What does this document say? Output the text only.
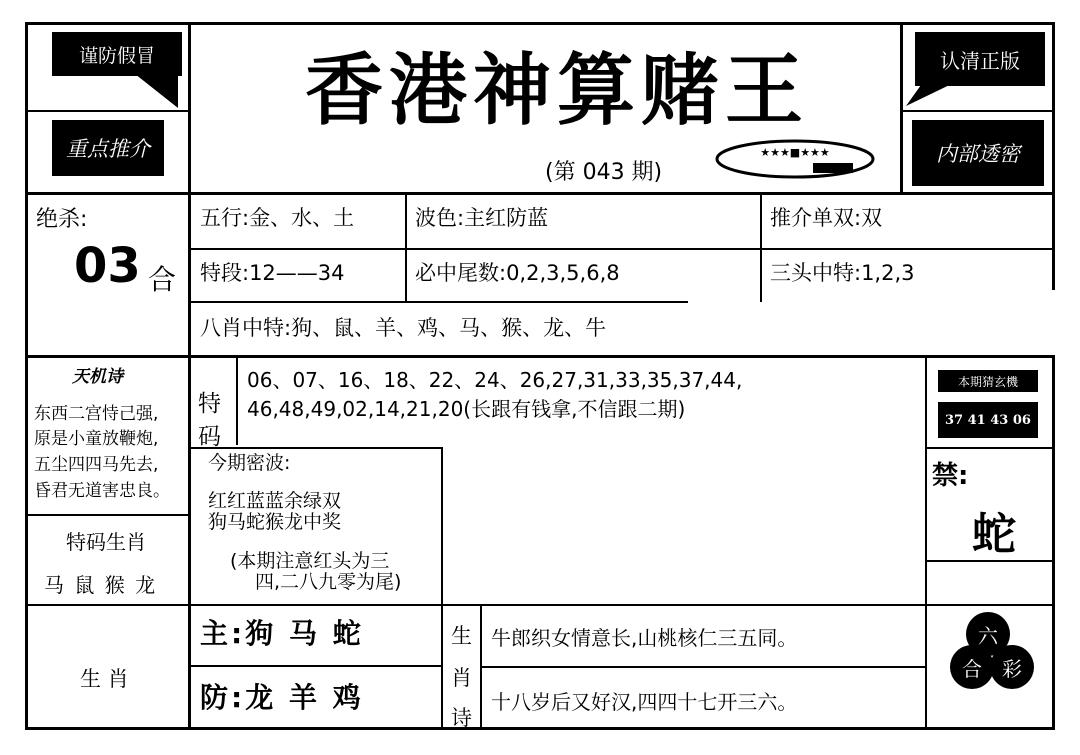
谨防假冒
重点推介
香港神算赌王
(第 043 期)
★★★■★★★
认清正版
内部透密
绝杀:
03 合
五行:金、水、土	波色:主红防蓝	推介单双:双
特段:12——34	必中尾数:0,2,3,5,6,8	三头中特:1,2,3
八肖中特:狗、鼠、羊、鸡、马、猴、龙、牛
天机诗
东西二宫恃己强,
原是小童放鞭炮,
五尘四四马先去,
昏君无道害忠良。
特
码
06、07、16、18、22、24、26,27,31,33,35,37,44,
46,48,49,02,14,21,20(长跟有钱拿,不信跟二期)
今期密波:
红红蓝蓝余绿双
狗马蛇猴龙中奖
(本期注意红头为三
四,二八九零为尾)
特码生肖
马 鼠 猴 龙
本期猜玄機
37 41 43 06
禁:
蛇
生 肖
主:狗 马 蛇
防:龙 羊 鸡
生
肖
诗
牛郎织女情意长,山桃核仁三五同。
十八岁后又好汉,四四十七开三六。
六
合 彩
